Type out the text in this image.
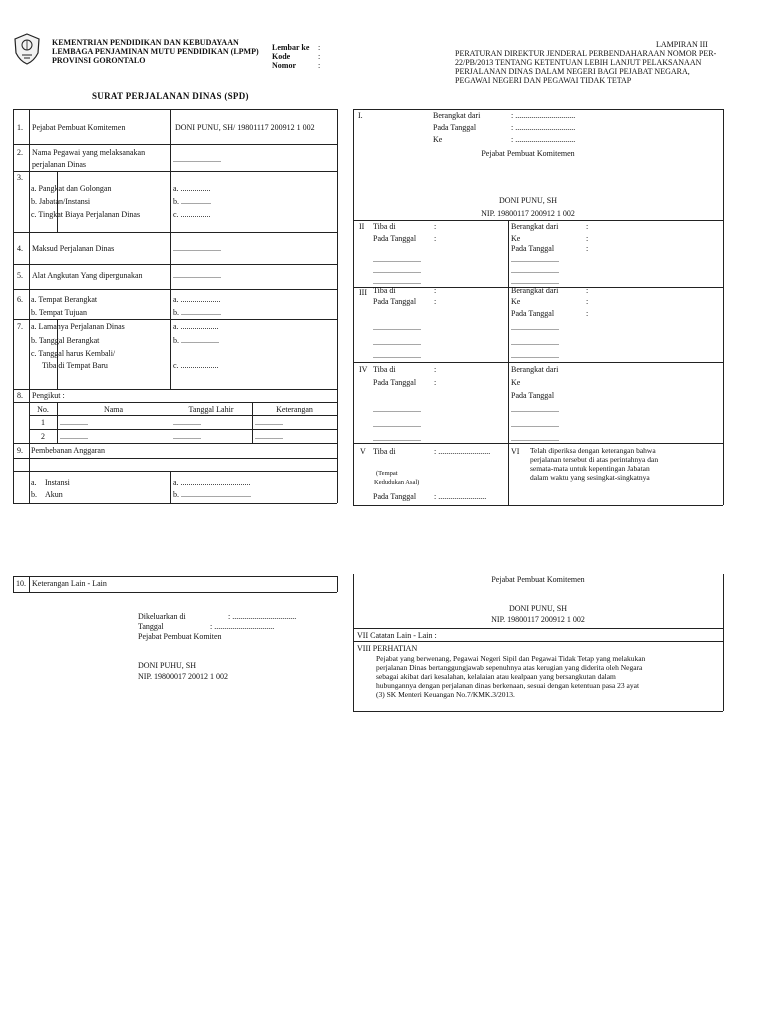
KEMENTRIAN PENDIDIKAN DAN KEBUDAYAAN
LEMBAGA PENJAMINAN MUTU PENDIDIKAN (LPMP)
PROVINSI GORONTALO
Lembar ke :
Kode	:
Nomor	:
LAMPIRAN III
PERATURAN DIREKTUR JENDERAL PERBENDAHARAAN NOMOR PER-
22/PB/2013 TENTANG KETENTUAN LEBIH LANJUT PELAKSANAAN
PERJALANAN DINAS DALAM NEGERI BAGI PEJABAT NEGARA,
PEGAWAI NEGERI DAN PEGAWAI TIDAK TETAP
SURAT PERJALANAN DINAS (SPD)
1. Pejabat Pembuat Komitemen	DONI PUNU, SH/ 19801117 200912 1 002
2. Nama Pegawai yang melaksanakan
perjalanan Dinas
........................
3.
a. Pangkat dan Golongan
b. Jabatan/Instansi
c. Tingkat Biaya Perjalanan Dinas
a. ...............
b. ...............
c. ...............
4. Maksud Perjalanan Dinas	........................
5. Alat Angkutan Yang dipergunakan	........................
6. a. Tempat Berangkat
b. Tempat Tujuan
a. ....................
b. ....................
7. a. Lamanya Perjalanan Dinas
b. Tanggal Berangkat
c. Tanggal harus Kembali/
Tiba di Tempat Baru
a. ...................
b. ...................
c. ...................
8. Pengikut :
No.	Nama	Tanggal Lahir	Keterangan
1	..............	..............	..............
2	..............	..............	..............
9. Pembebanan Anggaran
a. Instansi
b. Akun
a. ...................................
b. ...................................
10. Keterangan Lain - Lain
Dikeluarkan di	: ................................
Tanggal	: ..............................
Pejabat Pembuat Komiten
DONI PUHU, SH
NIP. 19800017 20012 1 002
I.	Berangkat dari	: ..............................
Pada Tanggal	: ..............................
Ke	: ..............................
Pejabat Pembuat Komitemen
DONI PUNU, SH
NIP. 19800117 200912 1 002
II Tiba di	:
Pada Tanggal :
........................
........................
........................
Berangkat dari	:
Ke	:
Pada Tanggal	:
........................
........................
........................
III Tiba di	:
Pada Tanggal :
........................
........................
........................
Berangkat dari	:
Ke	:
Pada Tanggal	:
........................
........................
........................
IV Tiba di	:
Pada Tanggal :
........................
........................
........................
Berangkat dari
Ke
Pada Tanggal
........................
........................
........................
V Tiba di	: ..........................
(Tempat
Kedudukan Asal)
Pada Tanggal : ........................
VI Telah diperiksa dengan keterangan bahwa
perjalanan tersebut di atas perintahnya dan
semata-mata untuk kepentingan Jabatan
dalam waktu yang sesingkat-singkatnya
Pejabat Pembuat Komitemen
DONI PUNU, SH
NIP. 19800117 200912 1 002
VII Catatan Lain - Lain :
VIII PERHATIAN
Pejabat yang berwenang, Pegawai Negeri Sipil dan Pegawai Tidak Tetap yang melakukan
perjalanan Dinas bertanggungjawab sepenuhnya atas kerugian yang diderita oleh Negara
sebagai akibat dari kesalahan, kelalaian atau kealpaan yang bersangkutan dalam
hubungannya dengan perjalanan dinas berkenaan, sesuai dengan ketentuan pasa 23 ayat
(3) SK Menteri Keuangan No.7/KMK.3/2013.
